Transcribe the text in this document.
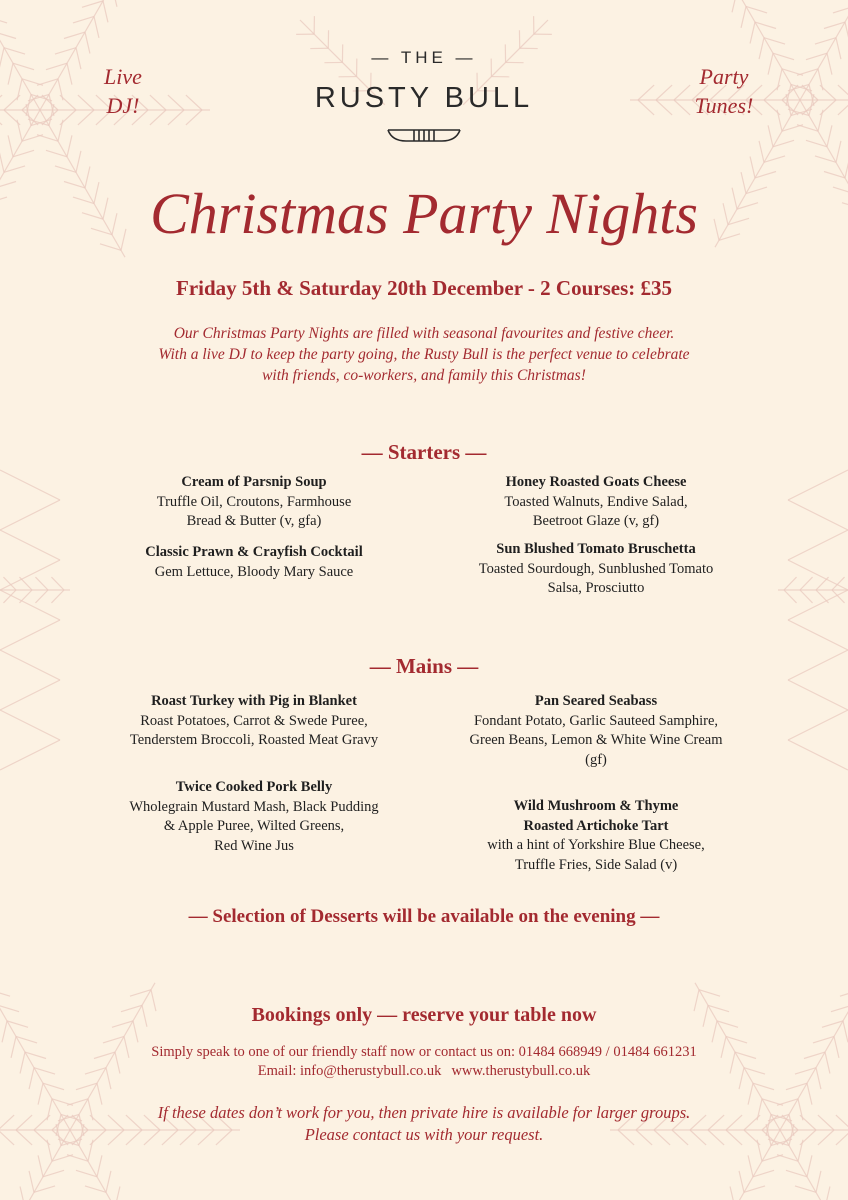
Live
DJ!
Party
Tunes!
— THE —
RUSTY BULL
Christmas Party Nights
Friday 5th & Saturday 20th December - 2 Courses: £35
Our Christmas Party Nights are filled with seasonal favourites and festive cheer.
With a live DJ to keep the party going, the Rusty Bull is the perfect venue to celebrate
with friends, co-workers, and family this Christmas!
— Starters —
Cream of Parsnip Soup
Truffle Oil, Croutons, Farmhouse
Bread & Butter (v, gfa)
Classic Prawn & Crayfish Cocktail
Gem Lettuce, Bloody Mary Sauce
Honey Roasted Goats Cheese
Toasted Walnuts, Endive Salad,
Beetroot Glaze (v, gf)
Sun Blushed Tomato Bruschetta
Toasted Sourdough, Sunblushed Tomato
Salsa, Prosciutto
— Mains —
Roast Turkey with Pig in Blanket
Roast Potatoes, Carrot & Swede Puree,
Tenderstem Broccoli, Roasted Meat Gravy
Twice Cooked Pork Belly
Wholegrain Mustard Mash, Black Pudding
& Apple Puree, Wilted Greens,
Red Wine Jus
Pan Seared Seabass
Fondant Potato, Garlic Sauteed Samphire,
Green Beans, Lemon & White Wine Cream
(gf)
Wild Mushroom & Thyme
Roasted Artichoke Tart
with a hint of Yorkshire Blue Cheese,
Truffle Fries, Side Salad (v)
— Selection of Desserts will be available on the evening —
Bookings only — reserve your table now
Simply speak to one of our friendly staff now or contact us on: 01484 668949 / 01484 661231
Email: info@therustybull.co.uk www.therustybull.co.uk
If these dates don’t work for you, then private hire is available for larger groups.
Please contact us with your request.
